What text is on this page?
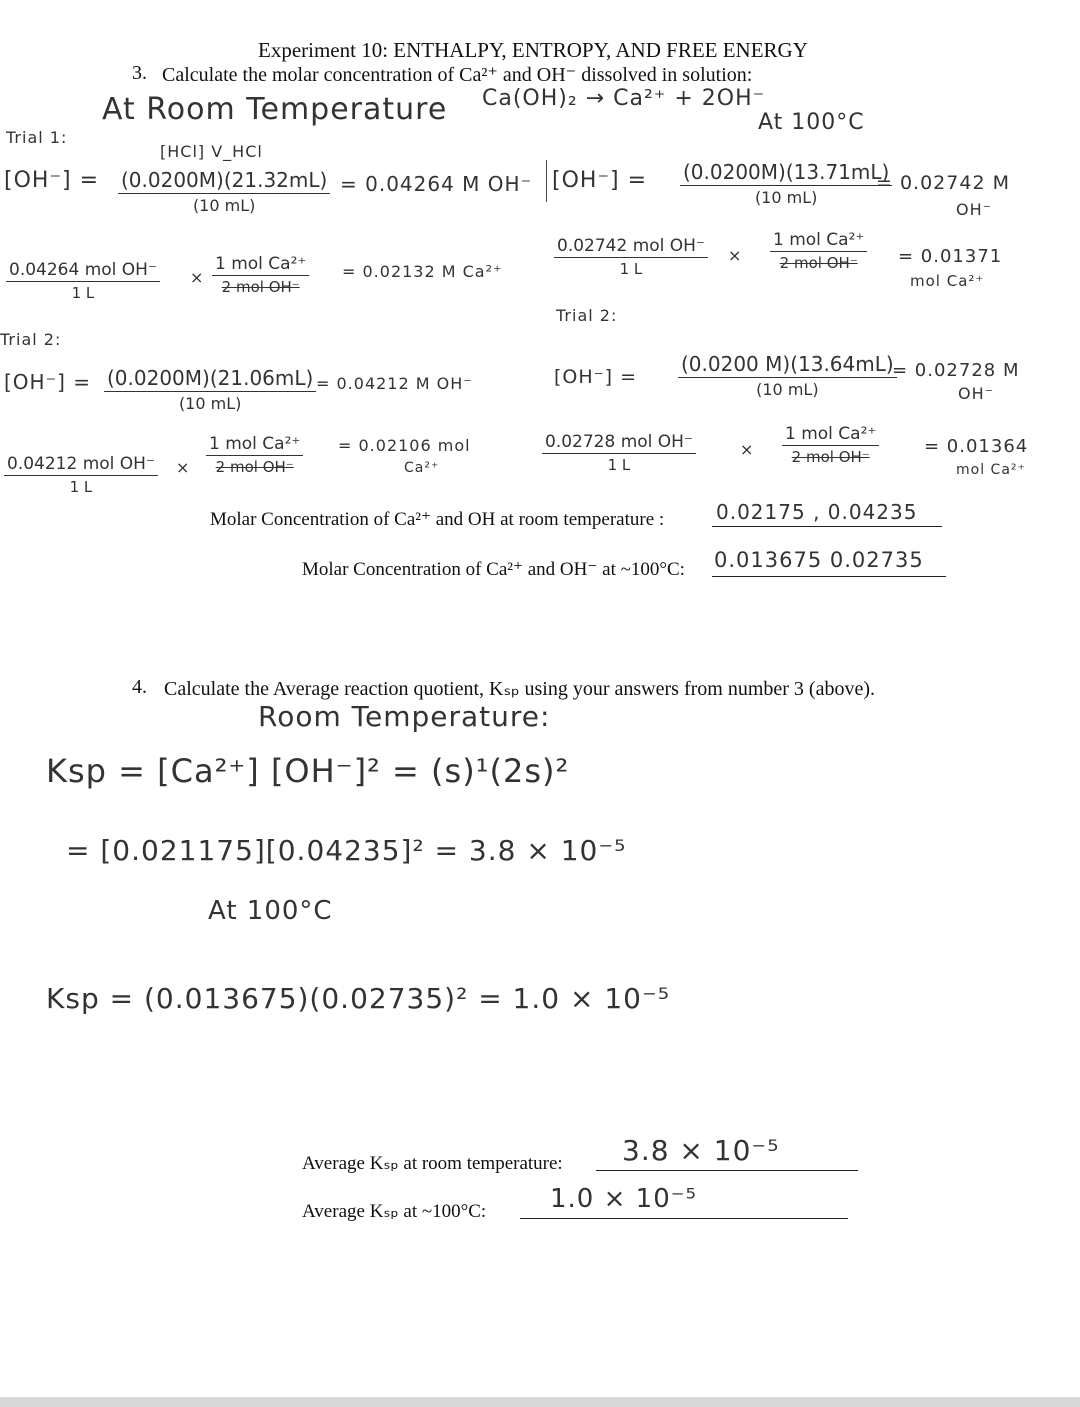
Experiment 10: ENTHALPY, ENTROPY, AND FREE ENERGY
3. Calculate the molar concentration of Ca²⁺ and OH⁻ dissolved in solution:
At Room Temperature Ca(OH)₂ → Ca²⁺ + 2OH⁻
At 100°C
Trial 1:
[HCl] V_HCl
[OH⁻] = (0.0200M)(21.32mL)
(10 mL)
= 0.04264 M OH⁻
0.04264 mol OH⁻
1 L
×
1 mol Ca²⁺
2 mol OH⁻
= 0.02132 M Ca²⁺
Trial 2:
[OH⁻] = (0.0200M)(21.06mL)
(10 mL)
= 0.04212 M OH⁻
0.04212 mol OH⁻
1 L
×
1 mol Ca²⁺
2 mol OH⁻
= 0.02106 mol
Ca²⁺
[OH⁻] = (0.0200M)(13.71mL)
(10 mL)
= 0.02742 M
OH⁻
0.02742 mol OH⁻
1 L
×
1 mol Ca²⁺
2 mol OH⁻ = 0.01371
mol Ca²⁺
Trial 2:
[OH⁻] =
(0.0200 M)(13.64mL)
(10 mL)
= 0.02728 M
OH⁻
0.02728 mol OH⁻
1 L
×
1 mol Ca²⁺
2 mol OH⁻	= 0.01364
mol Ca²⁺
Molar Concentration of Ca²⁺ and OH at room temperature :	0.02175 , 0.04235
Molar Concentration of Ca²⁺ and OH⁻ at ~100°C: 0.013675 0.02735
4. Calculate the Average reaction quotient, Kₛₚ using your answers from number 3 (above).
Room Temperature:
Ksp = [Ca²⁺] [OH⁻]² = (s)¹(2s)²
= [0.021175][0.04235]² = 3.8 × 10⁻⁵
At 100°C
Ksp = (0.013675)(0.02735)² = 1.0 × 10⁻⁵
Average Kₛₚ at room temperature: 3.8 × 10⁻⁵
Average Kₛₚ at ~100°C: 1.0 × 10⁻⁵
